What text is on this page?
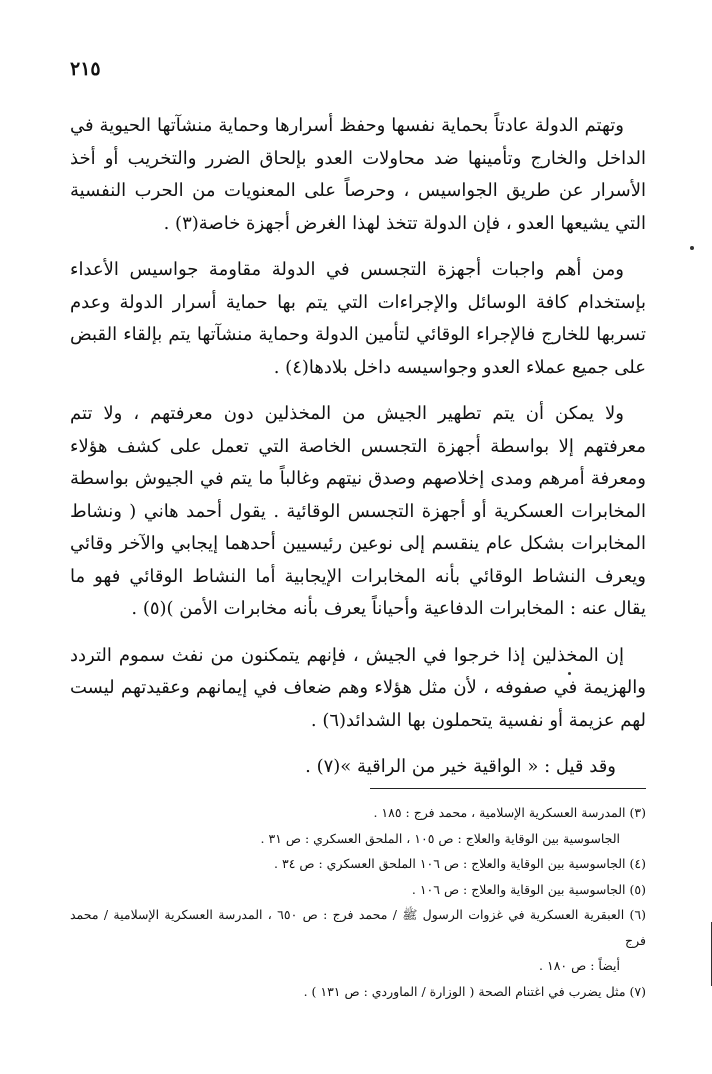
٢١٥

وتهتم الدولة عادتاً بحماية نفسها وحفظ أسرارها وحماية منشآتها الحيوية في الداخل والخارج وتأمينها ضد محاولات العدو بإلحاق الضرر والتخريب أو أخذ الأسرار عن طريق الجواسيس ، وحرصاً على المعنويات من الحرب النفسية التي يشيعها العدو ، فإن الدولة تتخذ لهذا الغرض أجهزة خاصة(٣) .

ومن أهم واجبات أجهزة التجسس في الدولة مقاومة جواسيس الأعداء بإستخدام كافة الوسائل والإجراءات التي يتم بها حماية أسرار الدولة وعدم تسربها للخارج فالإجراء الوقائي لتأمين الدولة وحماية منشآتها يتم بإلقاء القبض على جميع عملاء العدو وجواسيسه داخل بلادها(٤) .

ولا يمكن أن يتم تطهير الجيش من المخذلين دون معرفتهم ، ولا تتم معرفتهم إلا بواسطة أجهزة التجسس الخاصة التي تعمل على كشف هؤلاء ومعرفة أمرهم ومدى إخلاصهم وصدق نيتهم وغالباً ما يتم في الجيوش بواسطة المخابرات العسكرية أو أجهزة التجسس الوقائية . يقول أحمد هاني ( ونشاط المخابرات بشكل عام ينقسم إلى نوعين رئيسيين أحدهما إيجابي والآخر وقائي ويعرف النشاط الوقائي بأنه المخابرات الإيجابية أما النشاط الوقائي فهو ما يقال عنه : المخابرات الدفاعية وأحياناً يعرف بأنه مخابرات الأمن )(٥) .

إن المخذلين إذا خرجوا في الجيش ، فإنهم يتمكنون من نفث سموم التردد والهزيمة في صفوفه ، لأن مثل هؤلاء وهم ضعاف في إيمانهم وعقيدتهم ليست لهم عزيمة أو نفسية يتحملون بها الشدائد(٦) .

وقد قيل : « الواقية خير من الراقية »(٧) .

(٣) المدرسة العسكرية الإسلامية ، محمد فرج : ١٨٥ .

الجاسوسية بين الوقاية والعلاج : ص ١٠٥ ، الملحق العسكري : ص ٣١ .

(٤) الجاسوسية بين الوقاية والعلاج : ص ١٠٦ الملحق العسكري : ص ٣٤ .

(٥) الجاسوسية بين الوقاية والعلاج : ص ١٠٦ .

(٦) العبقرية العسكرية في غزوات الرسول ﷺ / محمد فرج : ص ٦٥٠ ، المدرسة العسكرية الإسلامية / محمد فرج

أيضاً : ص ١٨٠ .

(٧) مثل يضرب في اغتنام الصحة ( الوزارة / الماوردي : ص ١٣١ ) .
